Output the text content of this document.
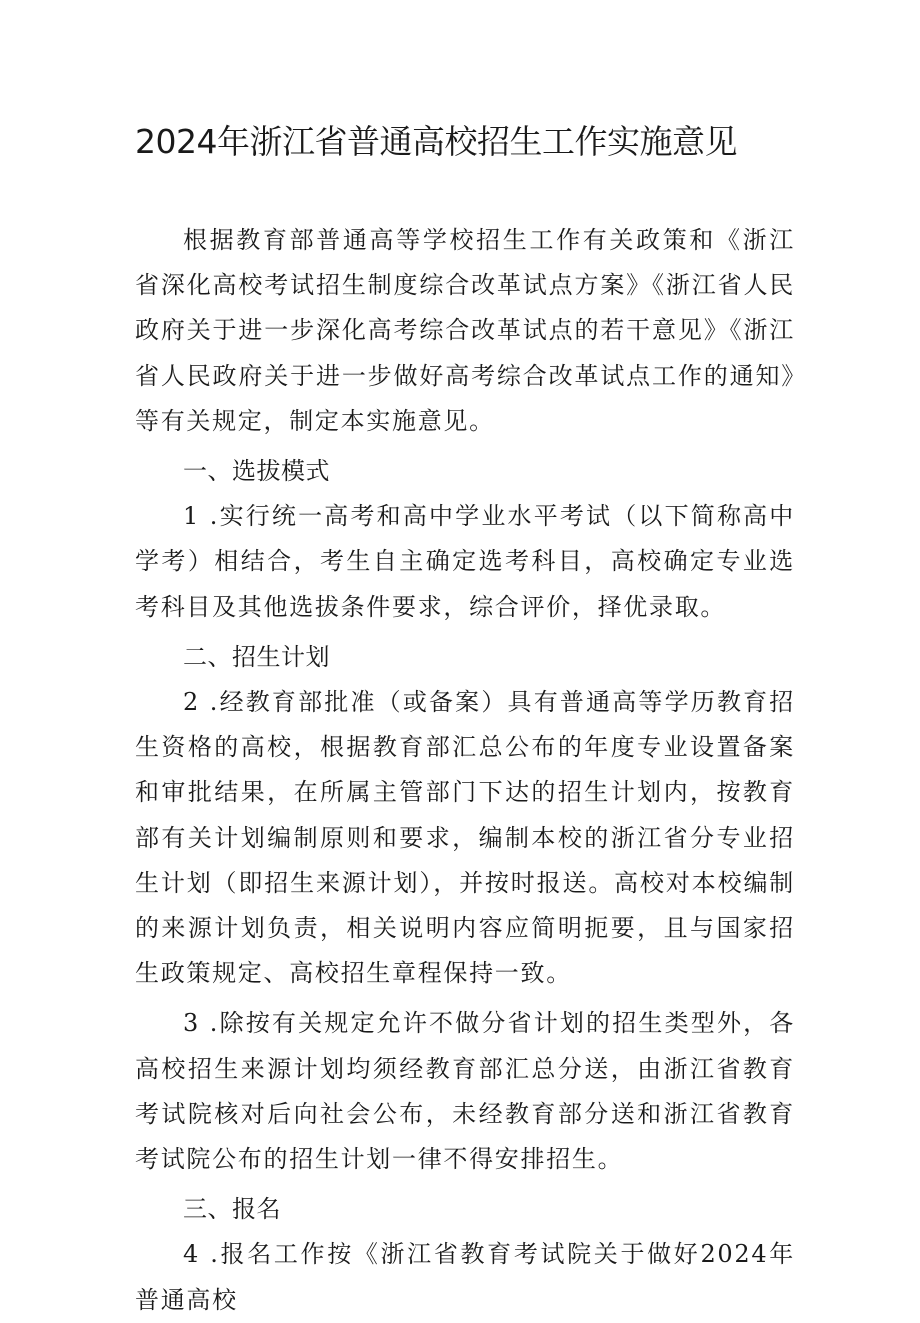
2024年浙江省普通高校招生工作实施意见

根据教育部普通高等学校招生工作有关政策和《浙江省深化高校考试招生制度综合改革试点方案》《浙江省人民政府关于进一步深化高考综合改革试点的若干意见》《浙江省人民政府关于进一步做好高考综合改革试点工作的通知》等有关规定，制定本实施意见。

一、选拔模式

1 .实行统一高考和高中学业水平考试（以下简称高中学考）相结合，考生自主确定选考科目，高校确定专业选考科目及其他选拔条件要求，综合评价，择优录取。

二、招生计划

2 .经教育部批准（或备案）具有普通高等学历教育招生资格的高校，根据教育部汇总公布的年度专业设置备案和审批结果，在所属主管部门下达的招生计划内，按教育部有关计划编制原则和要求，编制本校的浙江省分专业招生计划（即招生来源计划），并按时报送。高校对本校编制的来源计划负责，相关说明内容应简明扼要，且与国家招生政策规定、高校招生章程保持一致。

3 .除按有关规定允许不做分省计划的招生类型外，各高校招生来源计划均须经教育部汇总分送，由浙江省教育考试院核对后向社会公布，未经教育部分送和浙江省教育考试院公布的招生计划一律不得安排招生。

三、报名

4 .报名工作按《浙江省教育考试院关于做好2024年普通高校
